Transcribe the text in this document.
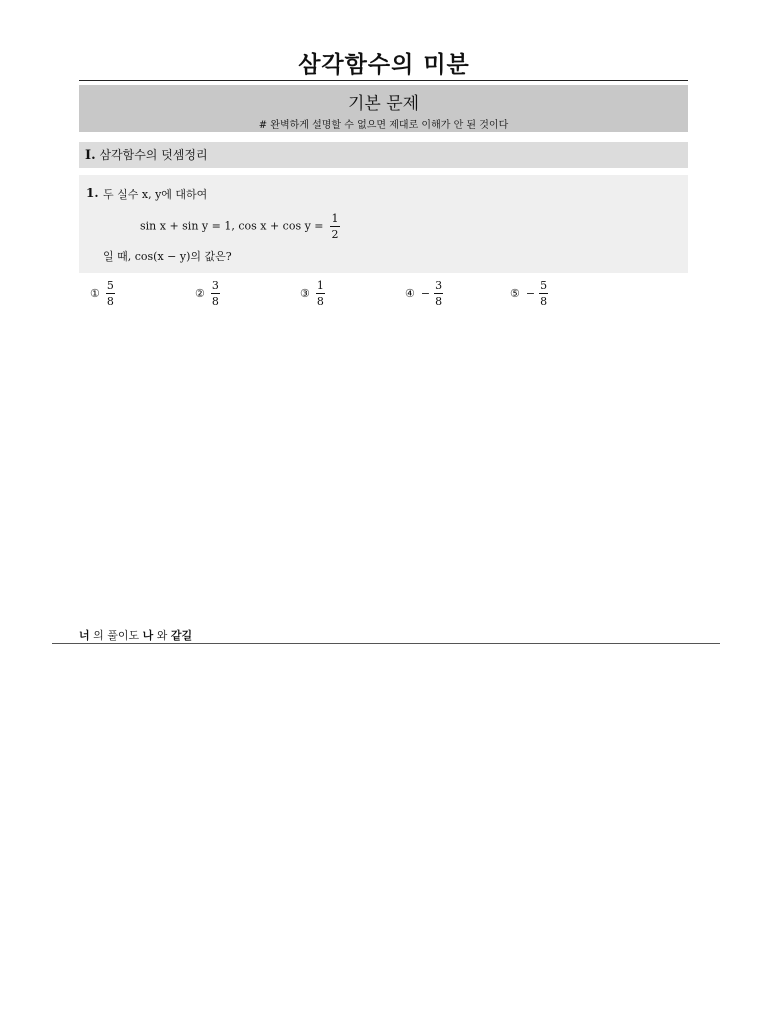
삼각함수의 미분
기본 문제
# 완벽하게 설명할 수 없으면 제대로 이해가 안 된 것이다
I. 삼각함수의 덧셈정리
1. 두 실수 x, y에 대하여
sin x + sin y = 1, $\cos x + \cos y = \frac{1}{2}$
일 때, cos(x − y)의 값은?
① $\frac{5}{8}$	② $\frac{3}{8}$	③ $\frac{1}{8}$	④ − $\frac{3}{8}$	⑤ − $\frac{5}{8}$
너 의 풀이도 나 와 같길
